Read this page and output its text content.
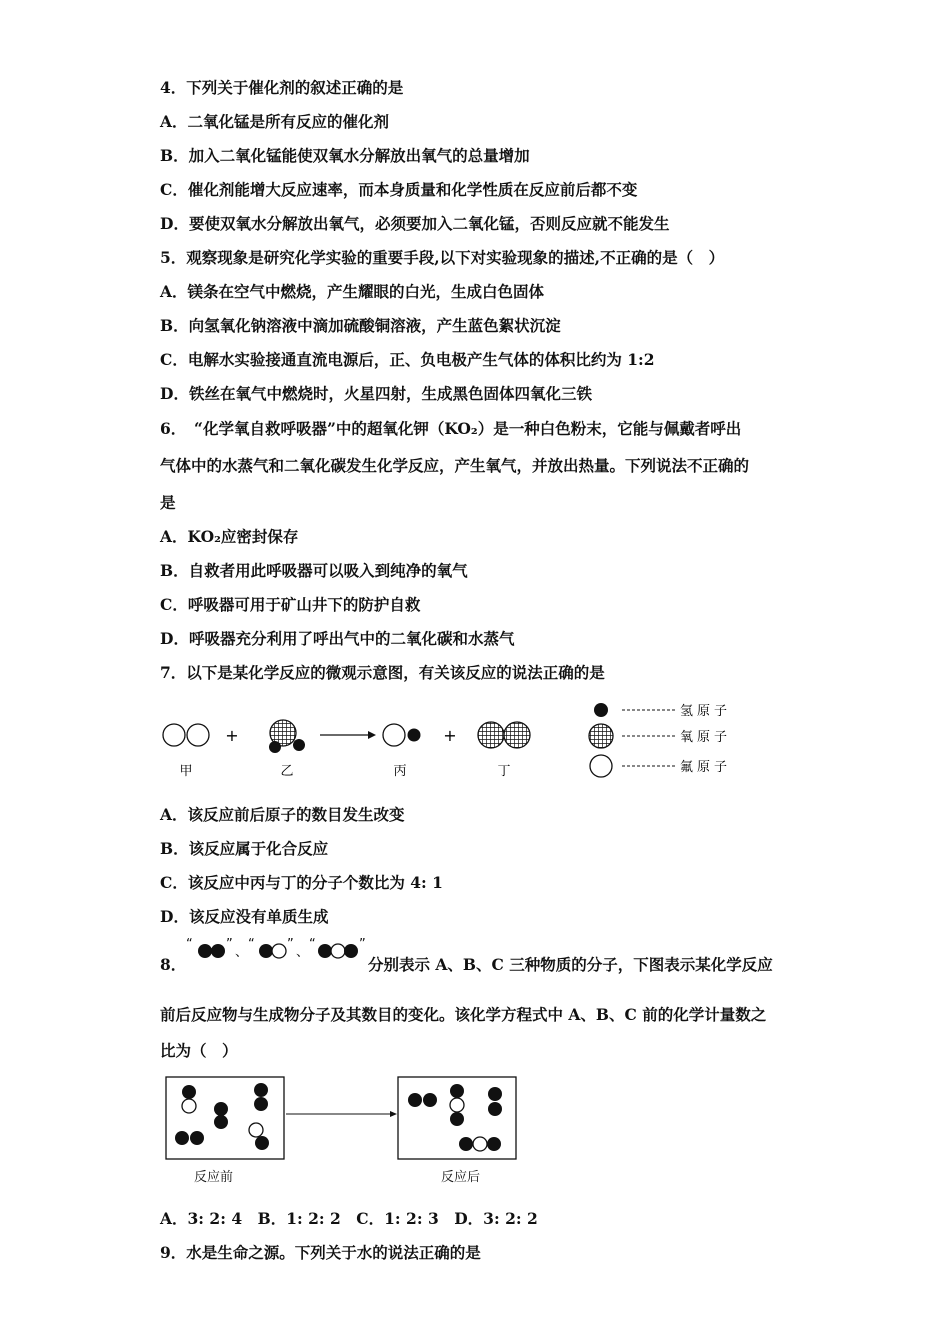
4．下列关于催化剂的叙述正确的是
A．二氧化锰是所有反应的催化剂
B．加入二氧化锰能使双氧水分解放出氧气的总量增加
C．催化剂能增大反应速率，而本身质量和化学性质在反应前后都不变
D．要使双氧水分解放出氧气，必须要加入二氧化锰，否则反应就不能发生
5．观察现象是研究化学实验的重要手段,以下对实验现象的描述,不正确的是（　）
A．镁条在空气中燃烧，产生耀眼的白光，生成白色固体
B．向氢氧化钠溶液中滴加硫酸铜溶液，产生蓝色絮状沉淀
C．电解水实验接通直流电源后，正、负电极产生气体的体积比约为 1:2
D．铁丝在氧气中燃烧时，火星四射，生成黑色固体四氧化三铁
6．　“化学氧自救呼吸器”中的超氧化钾（KO₂）是一种白色粉末，它能与佩戴者呼出
气体中的水蒸气和二氧化碳发生化学反应，产生氧气，并放出热量。下列说法不正确的
是
A．KO₂应密封保存
B．自救者用此呼吸器可以吸入到纯净的氧气
C．呼吸器可用于矿山井下的防护自救
D．呼吸器充分利用了呼出气中的二氧化碳和水蒸气
7．以下是某化学反应的微观示意图，有关该反应的说法正确的是
+	+
甲	乙	丙	丁
氢原子
氧原子
氟原子
A．该反应前后原子的数目发生改变
B．该反应属于化合反应
C．该反应中丙与丁的分子个数比为 4: 1
D．该反应没有单质生成
8．
“	”
、
“ ”
、
“	”
分别表示 A、B、C 三种物质的分子，下图表示某化学反应
前后反应物与生成物分子及其数目的变化。该化学方程式中 A、B、C 前的化学计量数之
比为（　）
反应前	反应后
A．3: 2: 4　B．1: 2: 2　C．1: 2: 3　D．3: 2: 2
9．水是生命之源。下列关于水的说法正确的是
